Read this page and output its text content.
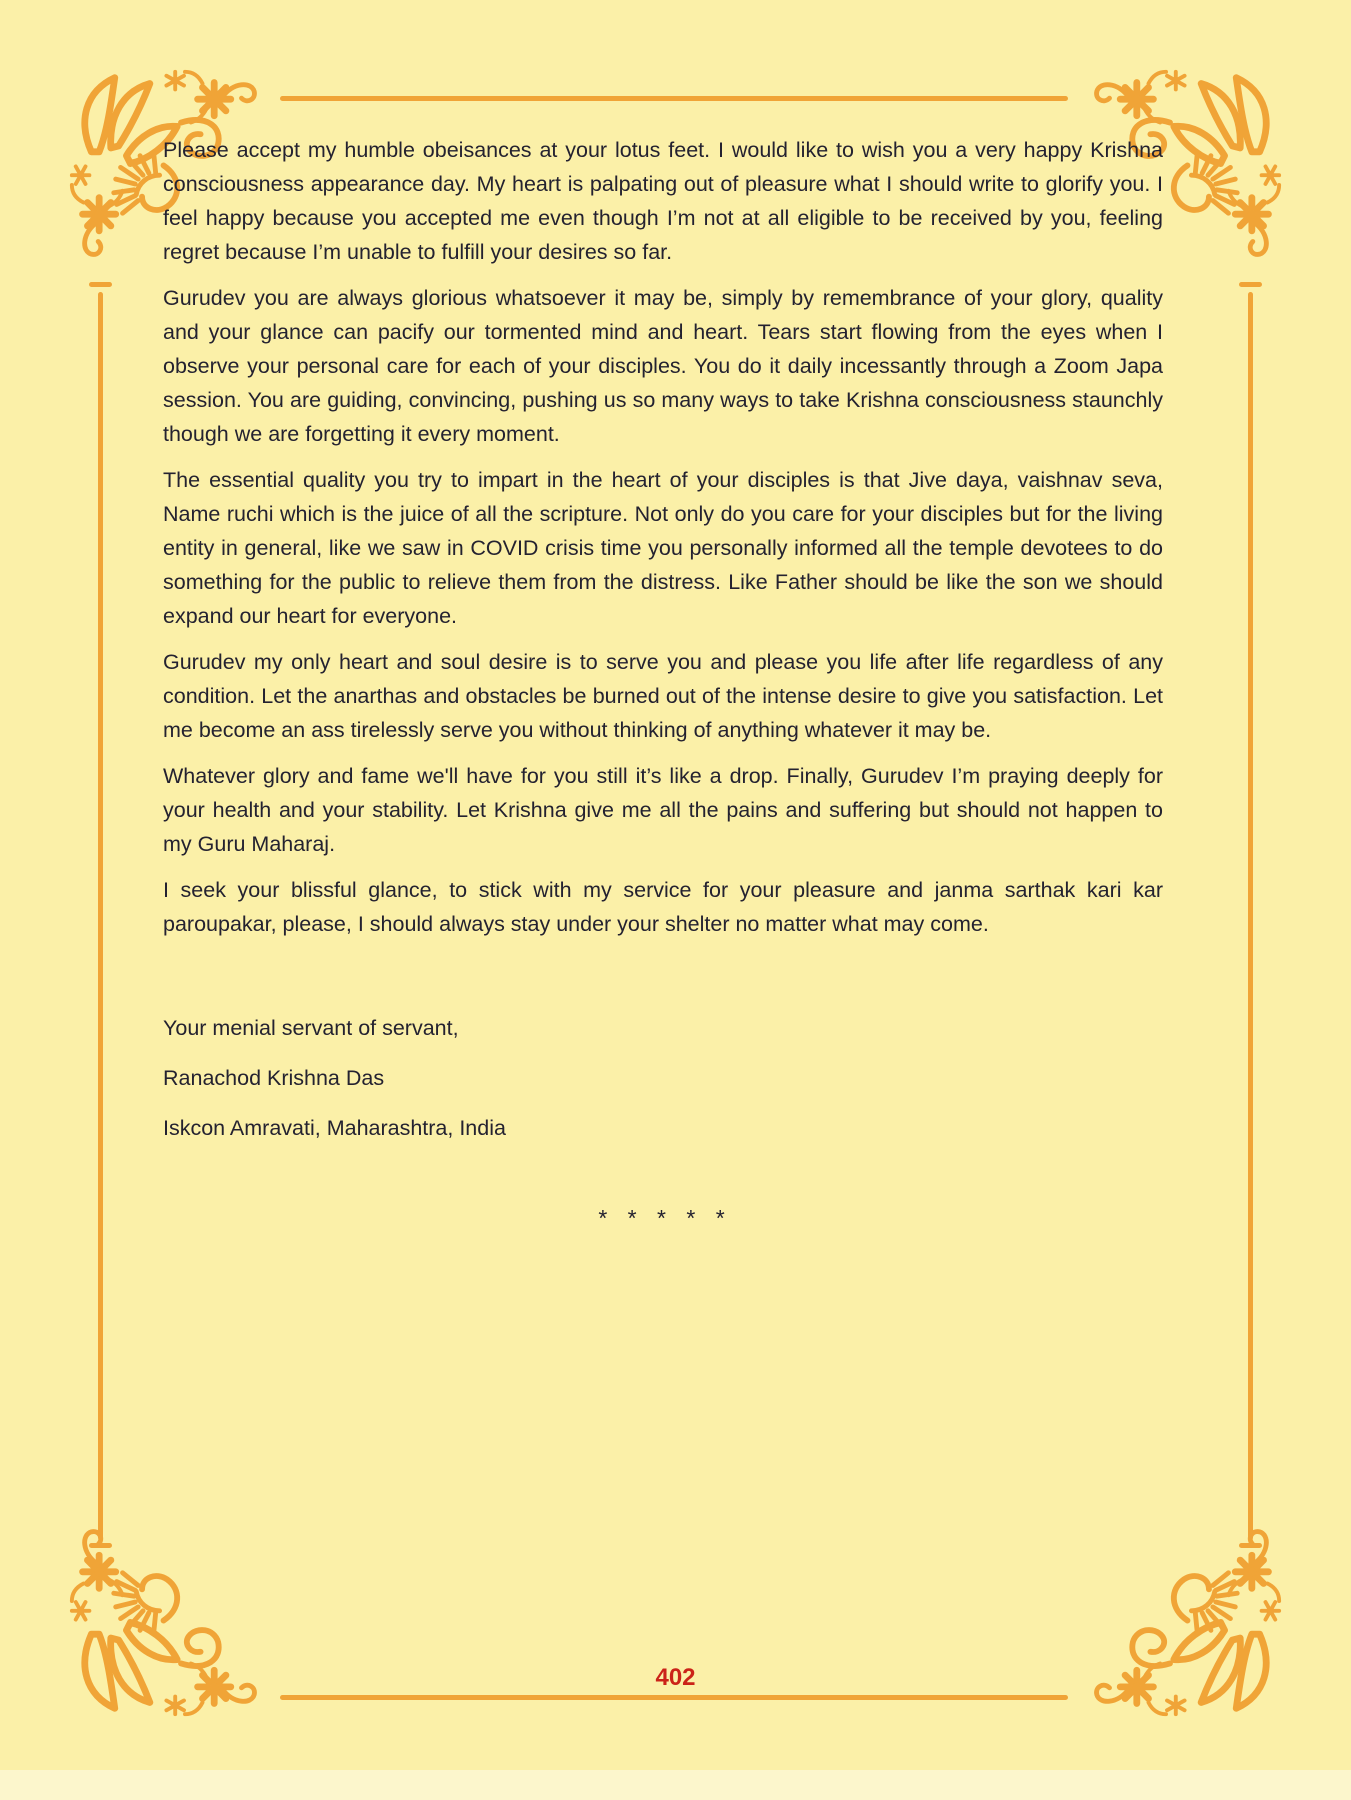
Please accept my humble obeisances at your lotus feet. I would like to wish you a very happy Krishna consciousness appearance day. My heart is palpating out of pleasure what I should write to glorify you. I feel happy because you accepted me even though I’m not at all eligible to be received by you, feeling regret because I’m unable to fulfill your desires so far.

Gurudev you are always glorious whatsoever it may be, simply by remembrance of your glory, quality and your glance can pacify our tormented mind and heart. Tears start flowing from the eyes when I observe your personal care for each of your disciples. You do it daily incessantly through a Zoom Japa session. You are guiding, convincing, pushing us so many ways to take Krishna consciousness staunchly though we are forgetting it every moment.

The essential quality you try to impart in the heart of your disciples is that Jive daya, vaishnav seva, Name ruchi which is the juice of all the scripture. Not only do you care for your disciples but for the living entity in general, like we saw in COVID crisis time you personally informed all the temple devotees to do something for the public to relieve them from the distress. Like Father should be like the son we should expand our heart for everyone.

Gurudev my only heart and soul desire is to serve you and please you life after life regardless of any condition. Let the anarthas and obstacles be burned out of the intense desire to give you satisfaction. Let me become an ass tirelessly serve you without thinking of anything whatever it may be.

Whatever glory and fame we'll have for you still it’s like a drop. Finally, Gurudev I’m praying deeply for your health and your stability. Let Krishna give me all the pains and suffering but should not happen to my Guru Maharaj.

I seek your blissful glance, to stick with my service for your pleasure and janma sarthak kari kar paroupakar, please, I should always stay under your shelter no matter what may come.

Your menial servant of servant,

Ranachod Krishna Das

Iskcon Amravati, Maharashtra, India

* * * * *
402
